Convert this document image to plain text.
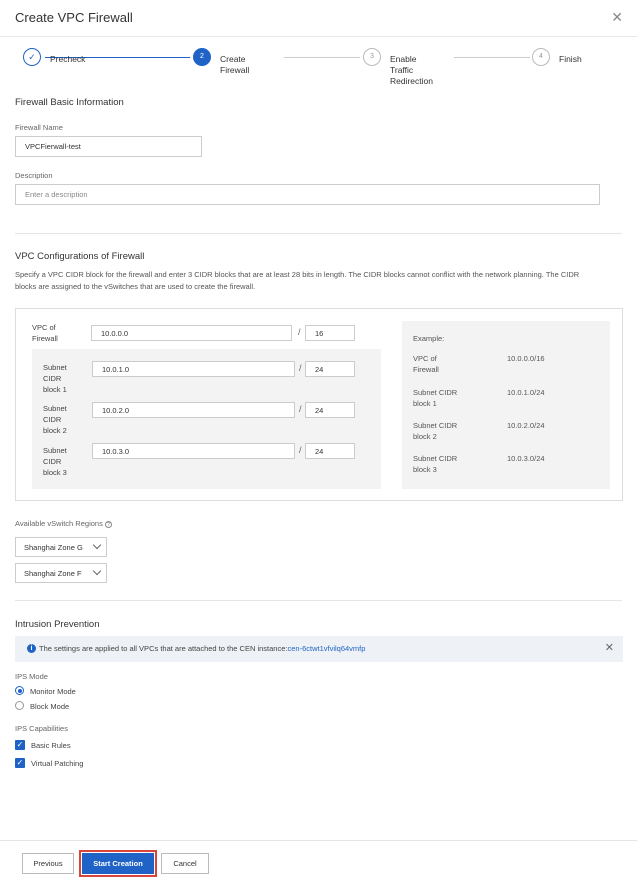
Create VPC Firewall	✕
✓	Precheck	2	Create
Firewall
3	Enable
Traffic
Redirection
4	Finish
Firewall Basic Information
Firewall Name
VPCFierwall-test
Description
Enter a description
VPC Configurations of Firewall
Specify a VPC CIDR block for the firewall and enter 3 CIDR blocks that are at least 28 bits in length. The CIDR blocks cannot conflict with the network planning. The CIDR
blocks are assigned to the vSwitches that are used to create the firewall.
VPC of
Firewall
10.0.0.0	/	16
Subnet
CIDR
block 1
10.0.1.0	/	24
Subnet
CIDR
block 2
10.0.2.0	/	24
Subnet
CIDR
block 3
10.0.3.0	/	24
Example:
VPC of
Firewall
10.0.0.0/16
Subnet CIDR
block 1
10.0.1.0/24
Subnet CIDR
block 2
10.0.2.0/24
Subnet CIDR
block 3
10.0.3.0/24
Available vSwitch Regions ?
Shanghai Zone G
Shanghai Zone F
Intrusion Prevention
i The settings are applied to all VPCs that are attached to the CEN instance:cen-6ctwt1vfvilq64vmfp	✕
IPS Mode
Monitor Mode
Block Mode
IPS Capabilities
✓ Basic Rules
✓ Virtual Patching
Previous	Start Creation	Cancel
